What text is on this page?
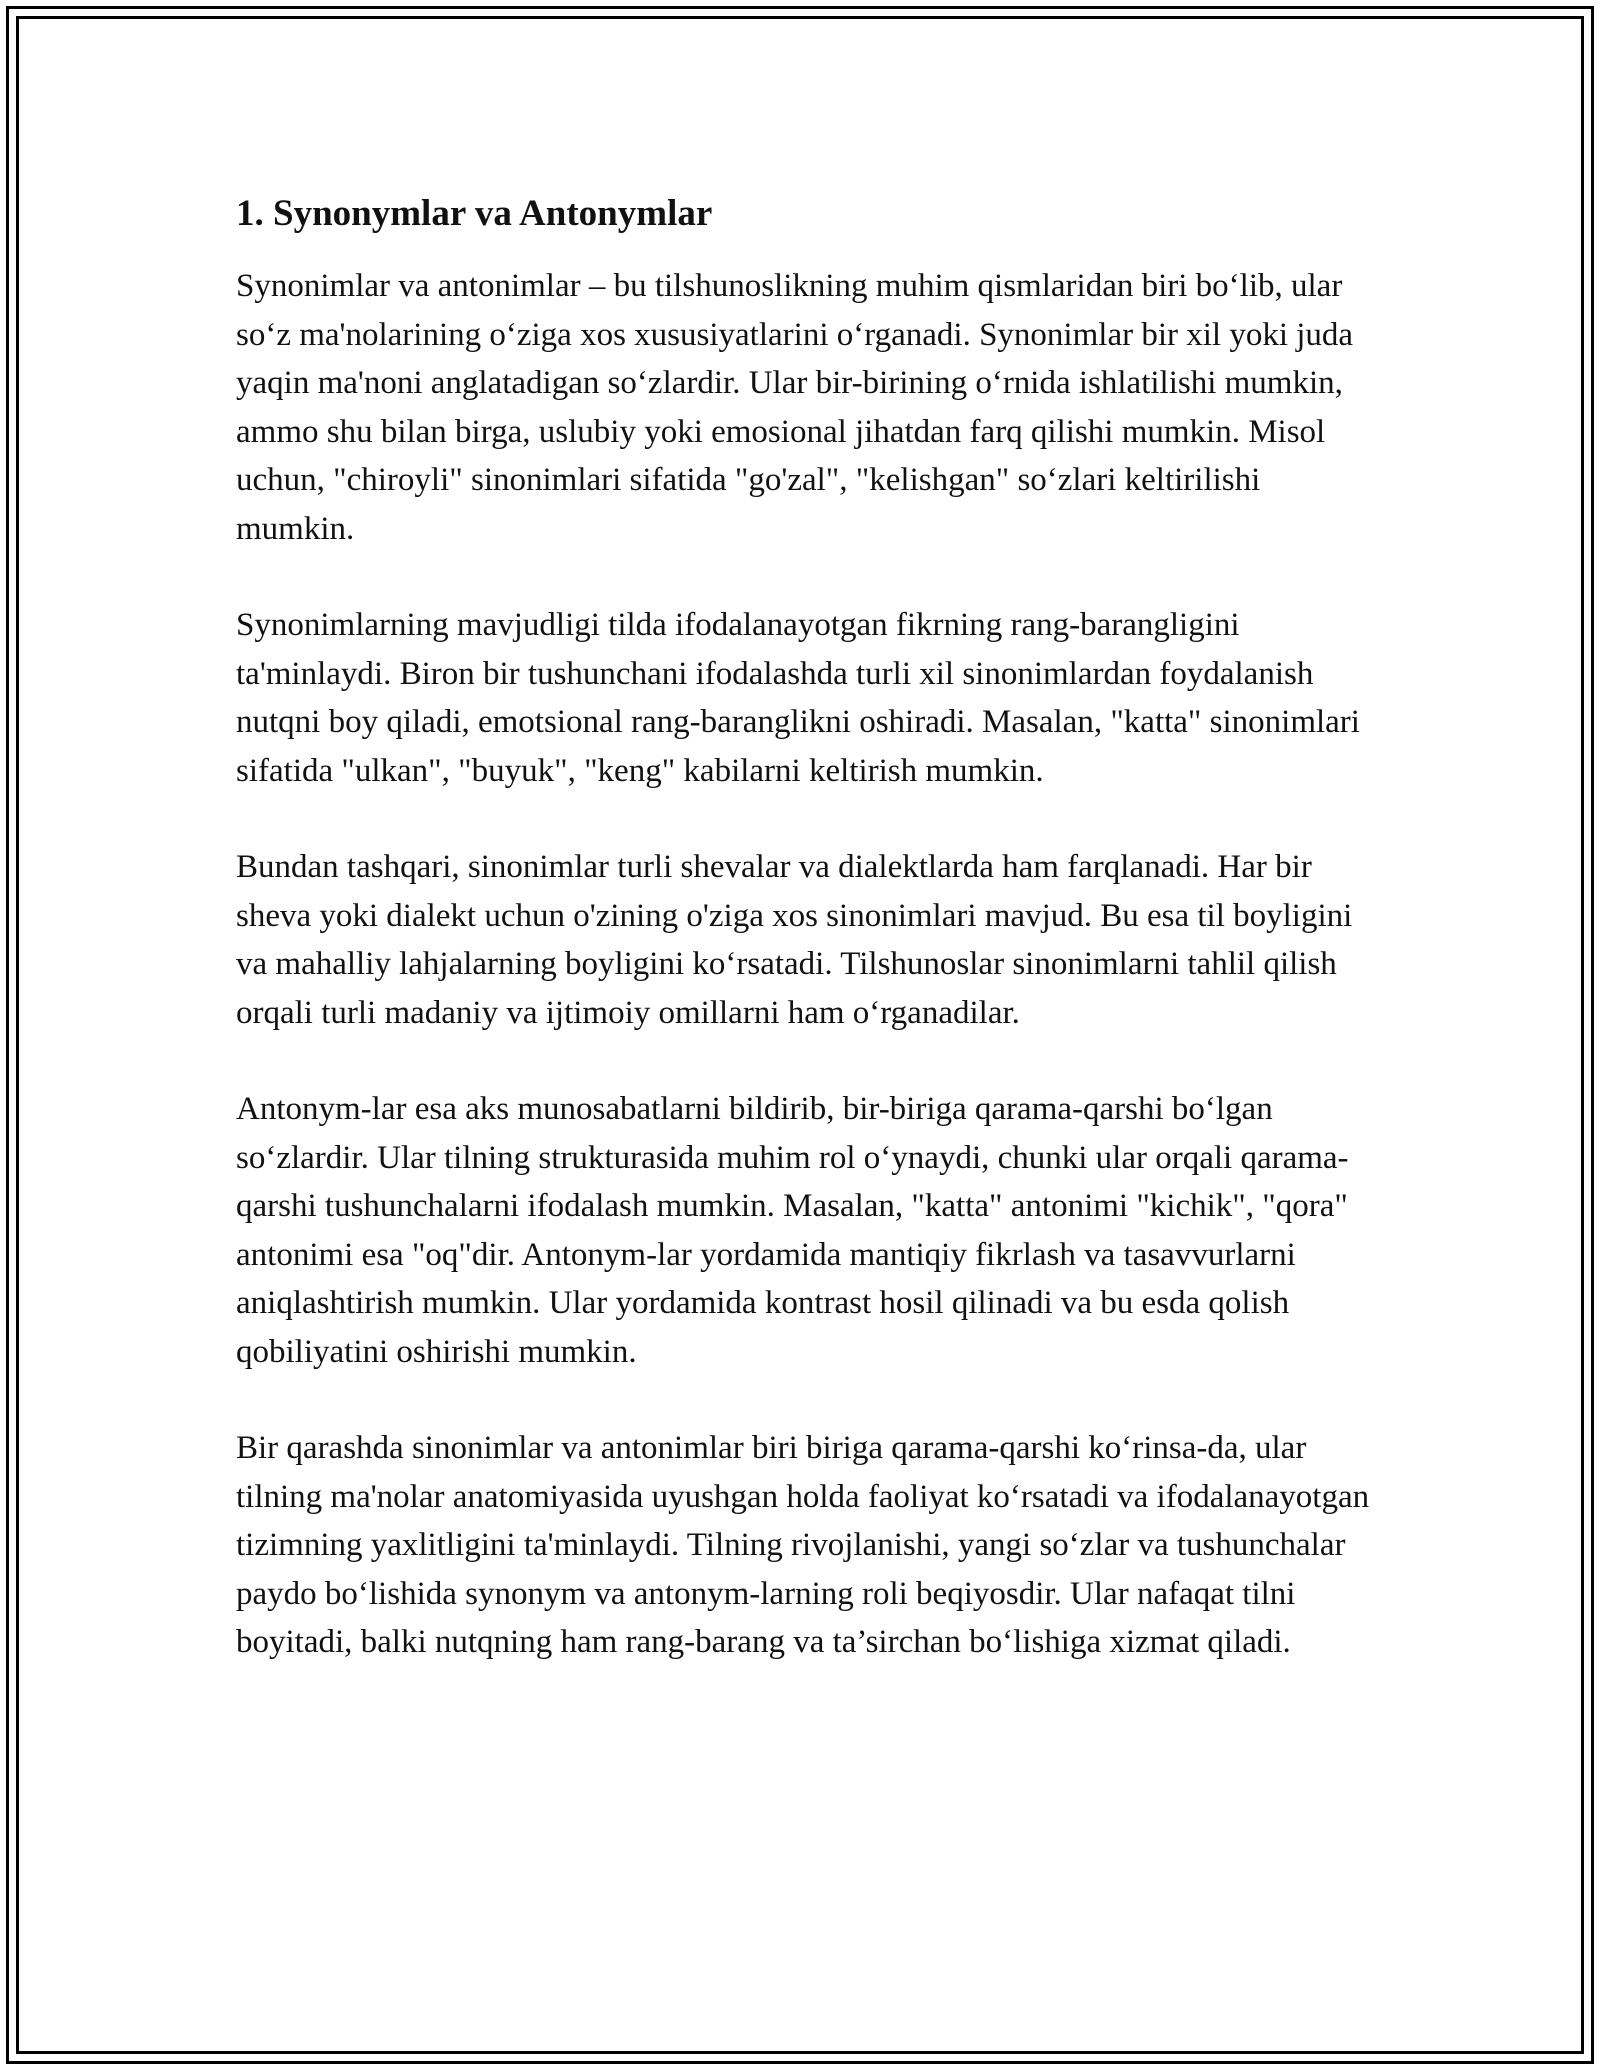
1. Synonymlar va Antonymlar

Synonimlar va antonimlar – bu tilshunoslikning muhim qismlaridan biri bo‘lib, ular so‘z ma'nolarining o‘ziga xos xususiyatlarini o‘rganadi. Synonimlar bir xil yoki juda yaqin ma'noni anglatadigan so‘zlardir. Ular bir-birining o‘rnida ishlatilishi mumkin, ammo shu bilan birga, uslubiy yoki emosional jihatdan farq qilishi mumkin. Misol uchun, "chiroyli" sinonimlari sifatida "go'zal", "kelishgan" so‘zlari keltirilishi mumkin.

Synonimlarning mavjudligi tilda ifodalanayotgan fikrning rang-barangligini ta'minlaydi. Biron bir tushunchani ifodalashda turli xil sinonimlardan foydalanish nutqni boy qiladi, emotsional rang-baranglikni oshiradi. Masalan, "katta" sinonimlari sifatida "ulkan", "buyuk", "keng" kabilarni keltirish mumkin.

Bundan tashqari, sinonimlar turli shevalar va dialektlarda ham farqlanadi. Har bir sheva yoki dialekt uchun o'zining o'ziga xos sinonimlari mavjud. Bu esa til boyligini va mahalliy lahjalarning boyligini ko‘rsatadi. Tilshunoslar sinonimlarni tahlil qilish orqali turli madaniy va ijtimoiy omillarni ham o‘rganadilar.

Antonym-lar esa aks munosabatlarni bildirib, bir-biriga qarama-qarshi bo‘lgan so‘zlardir. Ular tilning strukturasida muhim rol o‘ynaydi, chunki ular orqali qarama-qarshi tushunchalarni ifodalash mumkin. Masalan, "katta" antonimi "kichik", "qora" antonimi esa "oq"dir. Antonym-lar yordamida mantiqiy fikrlash va tasavvurlarni aniqlashtirish mumkin. Ular yordamida kontrast hosil qilinadi va bu esda qolish qobiliyatini oshirishi mumkin.

Bir qarashda sinonimlar va antonimlar biri biriga qarama-qarshi ko‘rinsa-da, ular tilning ma'nolar anatomiyasida uyushgan holda faoliyat ko‘rsatadi va ifodalanayotgan tizimning yaxlitligini ta'minlaydi. Tilning rivojlanishi, yangi so‘zlar va tushunchalar paydo bo‘lishida synonym va antonym-larning roli beqiyosdir. Ular nafaqat tilni boyitadi, balki nutqning ham rang-barang va ta’sirchan bo‘lishiga xizmat qiladi.
